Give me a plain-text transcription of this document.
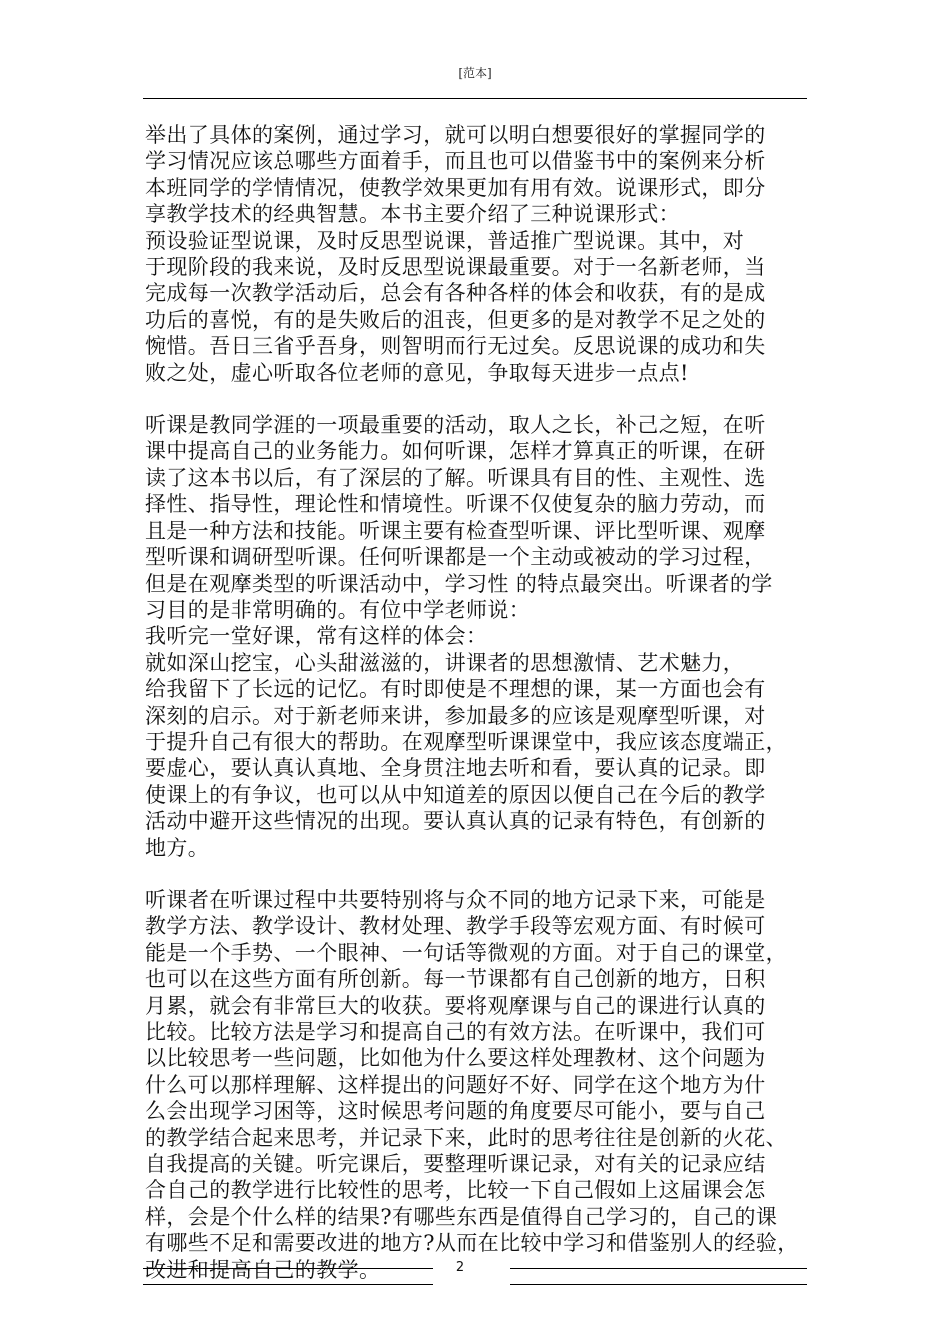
[范本]

举出了具体的案例，通过学习，就可以明白想要很好的掌握同学的
学习情况应该总哪些方面着手，而且也可以借鉴书中的案例来分析
本班同学的学情情况，使教学效果更加有用有效。说课形式，即分
享教学技术的经典智慧。本书主要介绍了三种说课形式：

预设验证型说课，及时反思型说课，普适推广型说课。其中，对
于现阶段的我来说，及时反思型说课最重要。对于一名新老师，当
完成每一次教学活动后，总会有各种各样的体会和收获，有的是成
功后的喜悦，有的是失败后的沮丧，但更多的是对教学不足之处的
惋惜。吾日三省乎吾身，则智明而行无过矣。反思说课的成功和失
败之处，虚心听取各位老师的意见，争取每天进步一点点!

听课是教同学涯的一项最重要的活动，取人之长，补己之短，在听
课中提高自己的业务能力。如何听课，怎样才算真正的听课，在研
读了这本书以后，有了深层的了解。听课具有目的性、主观性、选
择性、指导性，理论性和情境性。听课不仅使复杂的脑力劳动，而
且是一种方法和技能。听课主要有检查型听课、评比型听课、观摩
型听课和调研型听课。任何听课都是一个主动或被动的学习过程，
但是在观摩类型的听课活动中，学习性 的特点最突出。听课者的学
习目的是非常明确的。有位中学老师说：

我听完一堂好课，常有这样的体会：

就如深山挖宝，心头甜滋滋的，讲课者的思想激情、艺术魅力，
给我留下了长远的记忆。有时即使是不理想的课，某一方面也会有
深刻的启示。对于新老师来讲，参加最多的应该是观摩型听课，对
于提升自己有很大的帮助。在观摩型听课课堂中，我应该态度端正，
要虚心，要认真认真地、全身贯注地去听和看，要认真的记录。即
使课上的有争议，也可以从中知道差的原因以便自己在今后的教学
活动中避开这些情况的出现。要认真认真的记录有特色，有创新的
地方。

听课者在听课过程中共要特别将与众不同的地方记录下来，可能是
教学方法、教学设计、教材处理、教学手段等宏观方面、有时候可
能是一个手势、一个眼神、一句话等微观的方面。对于自己的课堂，
也可以在这些方面有所创新。每一节课都有自己创新的地方，日积
月累，就会有非常巨大的收获。要将观摩课与自己的课进行认真的
比较。比较方法是学习和提高自己的有效方法。在听课中，我们可
以比较思考一些问题，比如他为什么要这样处理教材、这个问题为
什么可以那样理解、这样提出的问题好不好、同学在这个地方为什
么会出现学习困等，这时候思考问题的角度要尽可能小，要与自己
的教学结合起来思考，并记录下来，此时的思考往往是创新的火花、
自我提高的关键。听完课后，要整理听课记录，对有关的记录应结
合自己的教学进行比较性的思考，比较一下自己假如上这届课会怎
样，会是个什么样的结果?有哪些东西是值得自己学习的，自己的课
有哪些不足和需要改进的地方?从而在比较中学习和借鉴别人的经验，
改进和提高自己的教学。	2
